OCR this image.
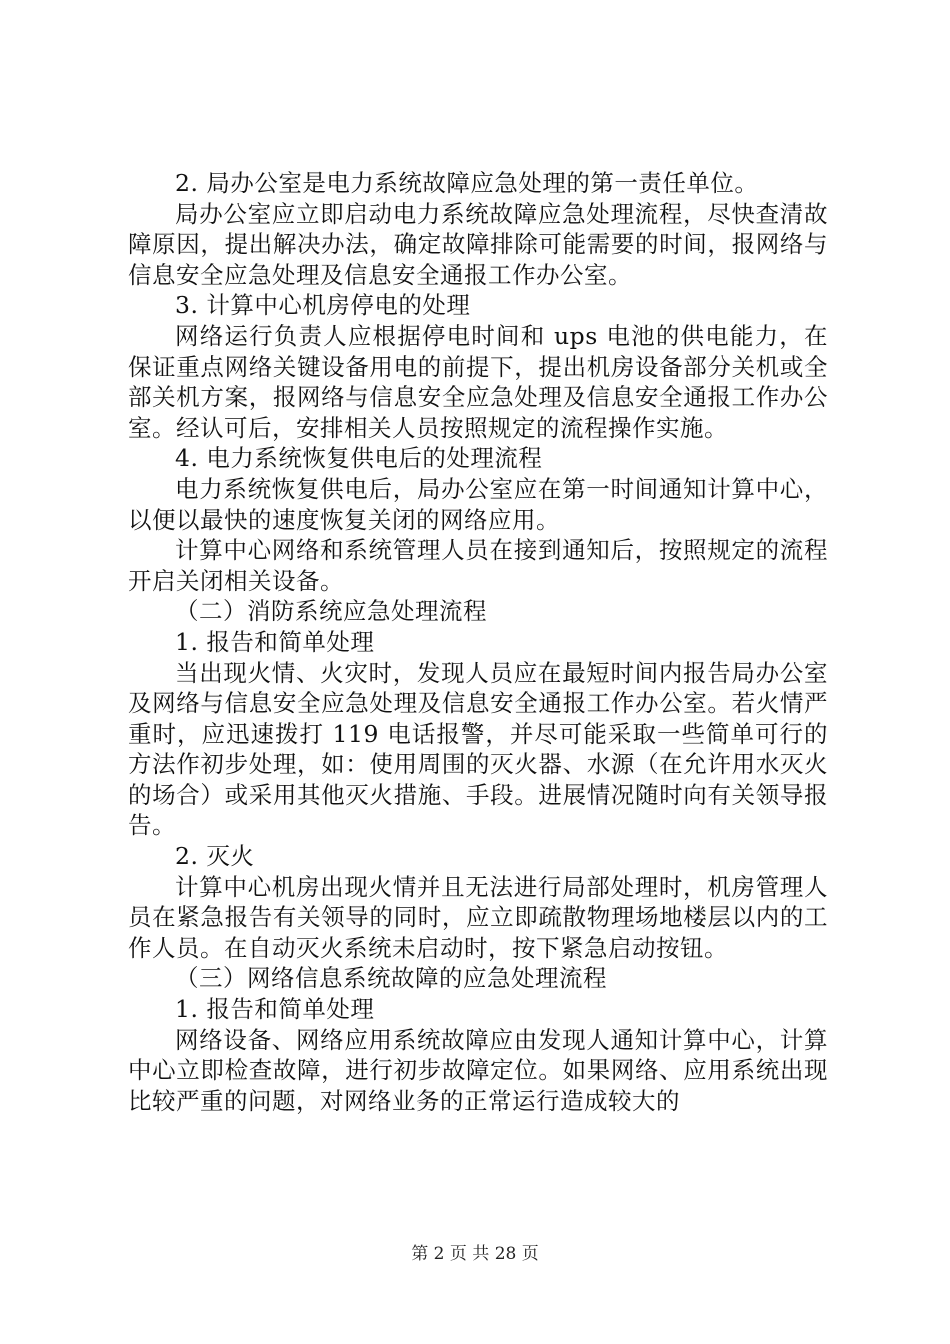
2. 局办公室是电力系统故障应急处理的第一责任单位。

局办公室应立即启动电力系统故障应急处理流程，尽快查清故障原因，提出解决办法，确定故障排除可能需要的时间，报网络与信息安全应急处理及信息安全通报工作办公室。

3. 计算中心机房停电的处理

网络运行负责人应根据停电时间和 ups 电池的供电能力，在保证重点网络关键设备用电的前提下，提出机房设备部分关机或全部关机方案，报网络与信息安全应急处理及信息安全通报工作办公室。经认可后，安排相关人员按照规定的流程操作实施。

4. 电力系统恢复供电后的处理流程

电力系统恢复供电后，局办公室应在第一时间通知计算中心，以便以最快的速度恢复关闭的网络应用。

计算中心网络和系统管理人员在接到通知后，按照规定的流程开启关闭相关设备。

（二）消防系统应急处理流程

1. 报告和简单处理

当出现火情、火灾时，发现人员应在最短时间内报告局办公室及网络与信息安全应急处理及信息安全通报工作办公室。若火情严重时，应迅速拨打 119 电话报警，并尽可能采取一些简单可行的方法作初步处理，如：使用周围的灭火器、水源（在允许用水灭火的场合）或采用其他灭火措施、手段。进展情况随时向有关领导报告。

2. 灭火

计算中心机房出现火情并且无法进行局部处理时，机房管理人员在紧急报告有关领导的同时，应立即疏散物理场地楼层以内的工作人员。在自动灭火系统未启动时，按下紧急启动按钮。

（三）网络信息系统故障的应急处理流程

1. 报告和简单处理

网络设备、网络应用系统故障应由发现人通知计算中心，计算中心立即检查故障，进行初步故障定位。如果网络、应用系统出现比较严重的问题，对网络业务的正常运行造成较大的

第 2 页 共 28 页
